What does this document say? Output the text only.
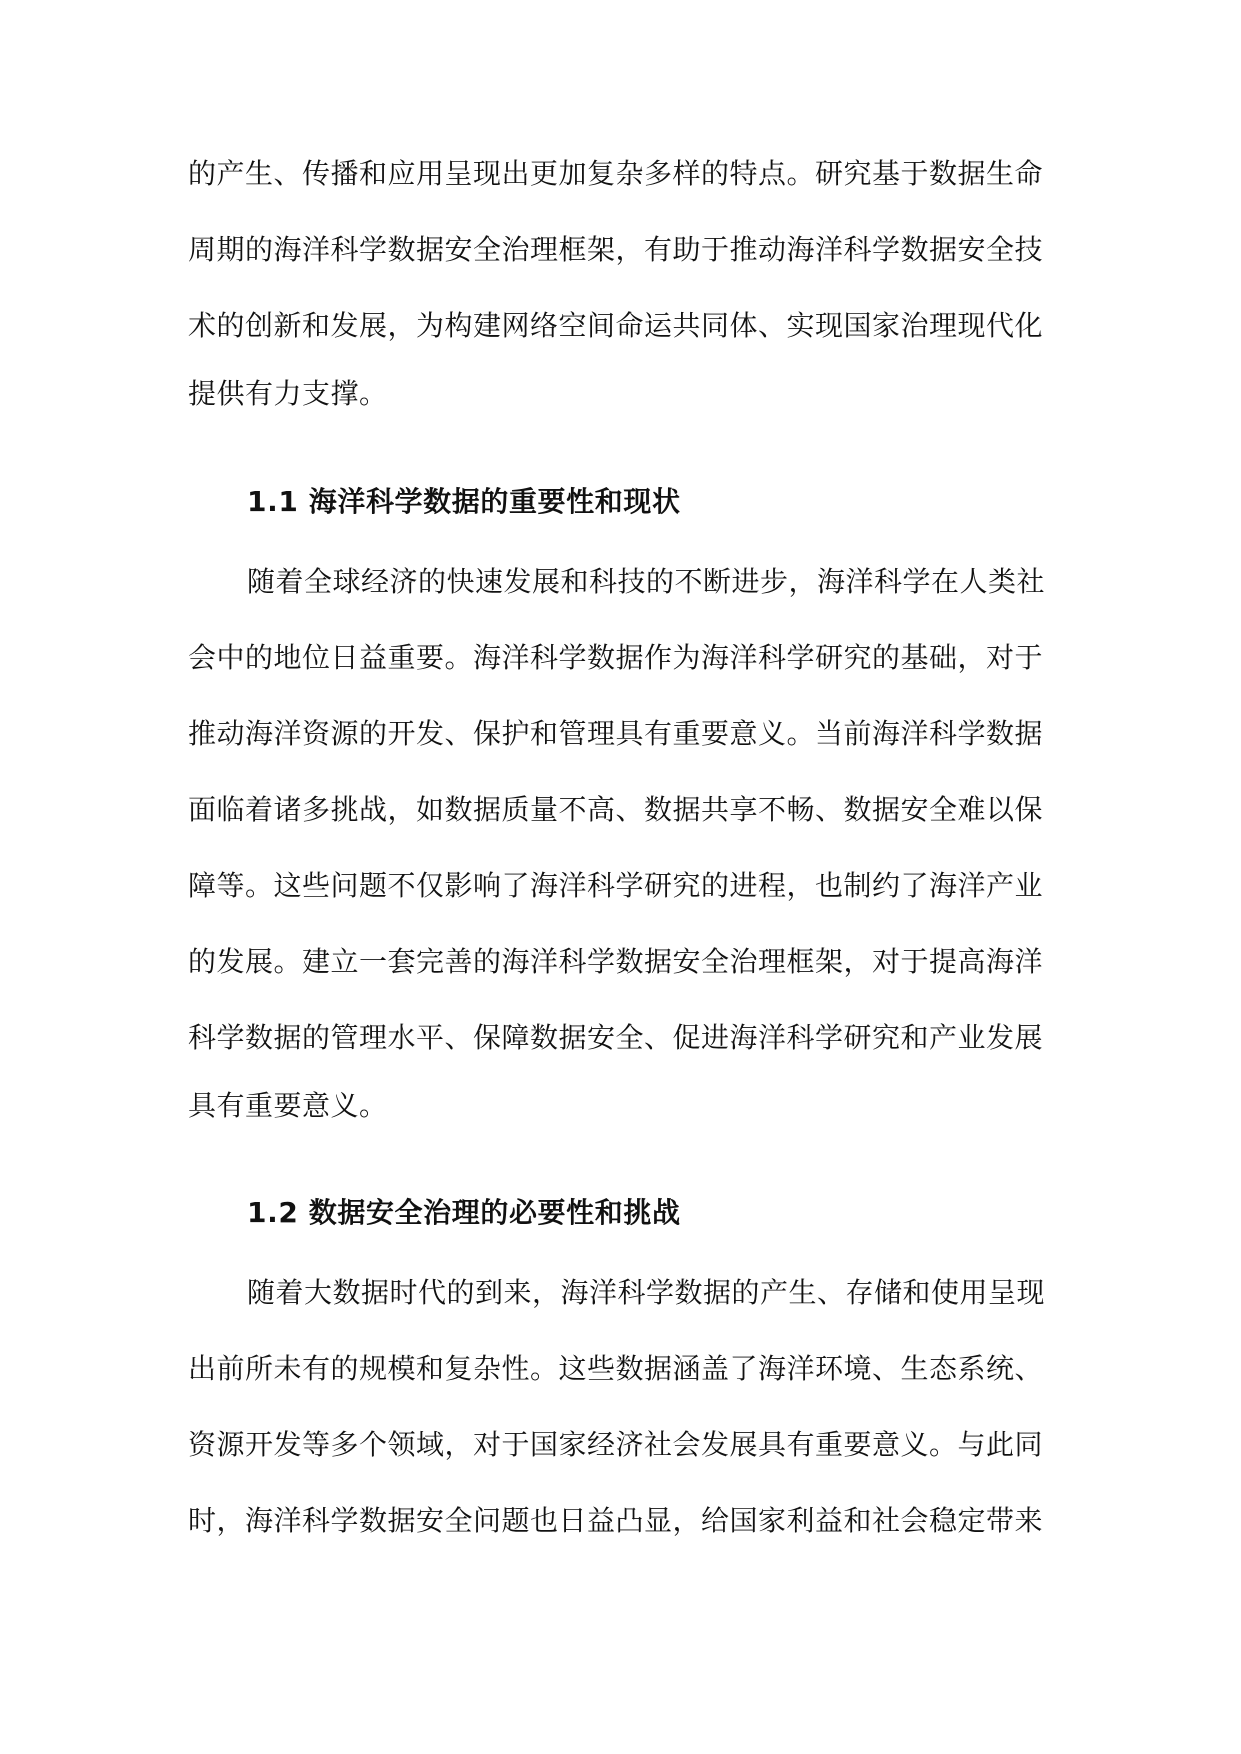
的产生、传播和应用呈现出更加复杂多样的特点。研究基于数据生命
周期的海洋科学数据安全治理框架，有助于推动海洋科学数据安全技
术的创新和发展，为构建网络空间命运共同体、实现国家治理现代化
提供有力支撑。
1.1 海洋科学数据的重要性和现状
随着全球经济的快速发展和科技的不断进步，海洋科学在人类社
会中的地位日益重要。海洋科学数据作为海洋科学研究的基础，对于
推动海洋资源的开发、保护和管理具有重要意义。当前海洋科学数据
面临着诸多挑战，如数据质量不高、数据共享不畅、数据安全难以保
障等。这些问题不仅影响了海洋科学研究的进程，也制约了海洋产业
的发展。建立一套完善的海洋科学数据安全治理框架，对于提高海洋
科学数据的管理水平、保障数据安全、促进海洋科学研究和产业发展
具有重要意义。
1.2 数据安全治理的必要性和挑战
随着大数据时代的到来，海洋科学数据的产生、存储和使用呈现
出前所未有的规模和复杂性。这些数据涵盖了海洋环境、生态系统、
资源开发等多个领域，对于国家经济社会发展具有重要意义。与此同
时，海洋科学数据安全问题也日益凸显，给国家利益和社会稳定带来
